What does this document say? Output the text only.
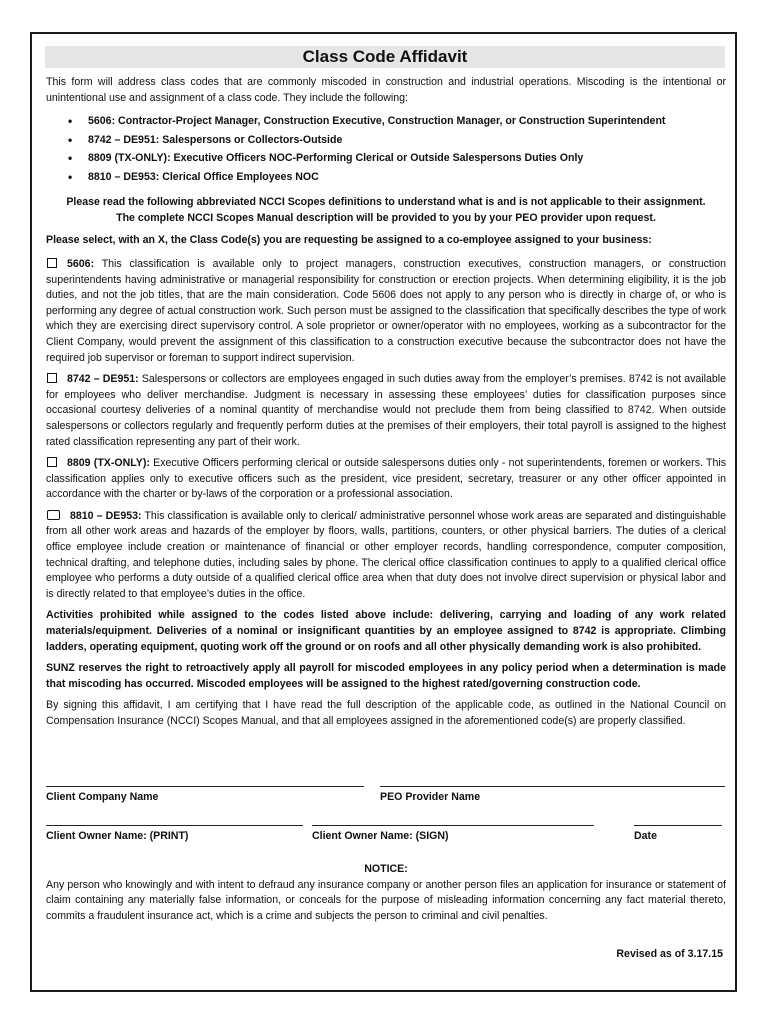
Class Code Affidavit

This form will address class codes that are commonly miscoded in construction and industrial operations. Miscoding is the intentional or unintentional use and assignment of a class code. They include the following:

• 5606: Contractor-Project Manager, Construction Executive, Construction Manager, or Construction Superintendent
• 8742 – DE951: Salespersons or Collectors-Outside
• 8809 (TX-ONLY): Executive Officers NOC-Performing Clerical or Outside Salespersons Duties Only
• 8810 – DE953: Clerical Office Employees NOC

Please read the following abbreviated NCCI Scopes definitions to understand what is and is not applicable to their assignment.

The complete NCCI Scopes Manual description will be provided to you by your PEO provider upon request.

Please select, with an X, the Class Code(s) you are requesting be assigned to a co-employee assigned to your business:

5606: This classification is available only to project managers, construction executives, construction managers, or construction superintendents having administrative or managerial responsibility for construction or erection projects. When determining eligibility, it is the job duties, and not the job titles, that are the main consideration. Code 5606 does not apply to any person who is directly in charge of, or who is performing any degree of actual construction work. Such person must be assigned to the classification that specifically describes the type of work which they are exercising direct supervisory control. A sole proprietor or owner/operator with no employees, working as a subcontractor for the Client Company, would prevent the assignment of this classification to a construction executive because the subcontractor does not have the required job supervisor or foreman to support indirect supervision.

8742 – DE951: Salespersons or collectors are employees engaged in such duties away from the employer’s premises. 8742 is not available for employees who deliver merchandise. Judgment is necessary in assessing these employees’ duties for classification purposes since occasional courtesy deliveries of a nominal quantity of merchandise would not preclude them from being classified to 8742. When outside salespersons or collectors regularly and frequently perform duties at the premises of their employers, their total payroll is assigned to the highest rated classification representing any part of their work.

8809 (TX-ONLY): Executive Officers performing clerical or outside salespersons duties only - not superintendents, foremen or workers. This classification applies only to executive officers such as the president, vice president, secretary, treasurer or any other officer appointed in accordance with the charter or by-laws of the corporation or a professional association.

8810 – DE953: This classification is available only to clerical/ administrative personnel whose work areas are separated and distinguishable from all other work areas and hazards of the employer by floors, walls, partitions, counters, or other physical barriers. The duties of a clerical office employee include creation or maintenance of financial or other employer records, handling correspondence, computer composition, technical drafting, and telephone duties, including sales by phone. The clerical office classification continues to apply to a qualified clerical office employee who performs a duty outside of a qualified clerical office area when that duty does not involve direct supervision or physical labor and is directly related to that employee’s duties in the office.

Activities prohibited while assigned to the codes listed above include: delivering, carrying and loading of any work related materials/equipment. Deliveries of a nominal or insignificant quantities by an employee assigned to 8742 is appropriate. Climbing ladders, operating equipment, quoting work off the ground or on roofs and all other physically demanding work is also prohibited.

SUNZ reserves the right to retroactively apply all payroll for miscoded employees in any policy period when a determination is made that miscoding has occurred. Miscoded employees will be assigned to the highest rated/governing construction code.

By signing this affidavit, I am certifying that I have read the full description of the applicable code, as outlined in the National Council on Compensation Insurance (NCCI) Scopes Manual, and that all employees assigned in the aforementioned code(s) are properly classified.

Client Company Name	PEO Provider Name
Client Owner Name: (PRINT)	Client Owner Name: (SIGN)	Date

NOTICE:

Any person who knowingly and with intent to defraud any insurance company or another person files an application for insurance or statement of claim containing any materially false information, or conceals for the purpose of misleading information concerning any fact material thereto, commits a fraudulent insurance act, which is a crime and subjects the person to criminal and civil penalties.

Revised as of 3.17.15
